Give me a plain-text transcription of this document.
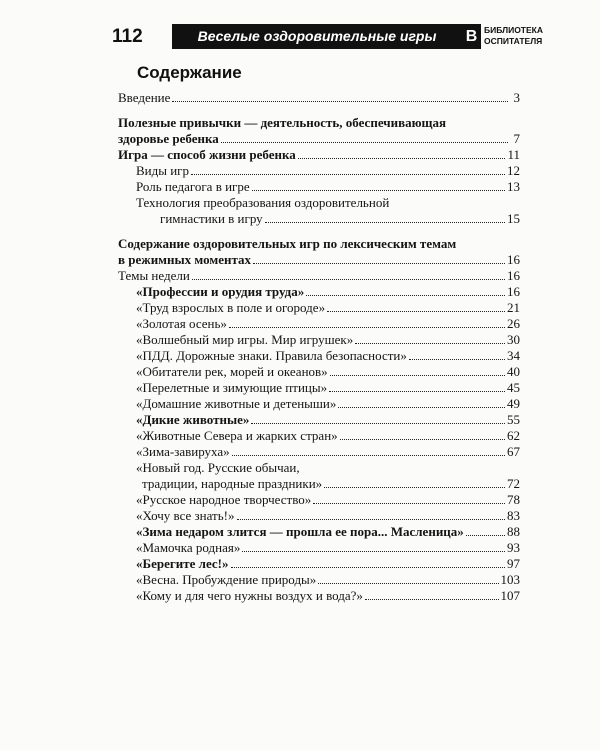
112	Веселые оздоровительные игры	В БИБЛИОТЕКА
ОСПИТАТЕЛЯ
Содержание
Введение	3
Полезные привычки — деятельность, обеспечивающая
здоровье ребенка	7
Игра — способ жизни ребенка	11
Виды игр	12
Роль педагога в игре	13
Технология преобразования оздоровительной
гимнастики в игру	15
Содержание оздоровительных игр по лексическим темам
в режимных моментах	16
Темы недели	16
«Профессии и орудия труда»	16
«Труд взрослых в поле и огороде»	21
«Золотая осень»	26
«Волшебный мир игры. Мир игрушек»	30
«ПДД. Дорожные знаки. Правила безопасности»	34
«Обитатели рек, морей и океанов»	40
«Перелетные и зимующие птицы»	45
«Домашние животные и детеныши»	49
«Дикие животные»	55
«Животные Севера и жарких стран»	62
«Зима-завируха»	67
«Новый год. Русские обычаи,
традиции, народные праздники»	72
«Русское народное творчество»	78
«Хочу все знать!»	83
«Зима недаром злится — прошла ее пора... Масленица»	88
«Мамочка родная»	93
«Берегите лес!»	97
«Весна. Пробуждение природы»	103
«Кому и для чего нужны воздух и вода?»	107
